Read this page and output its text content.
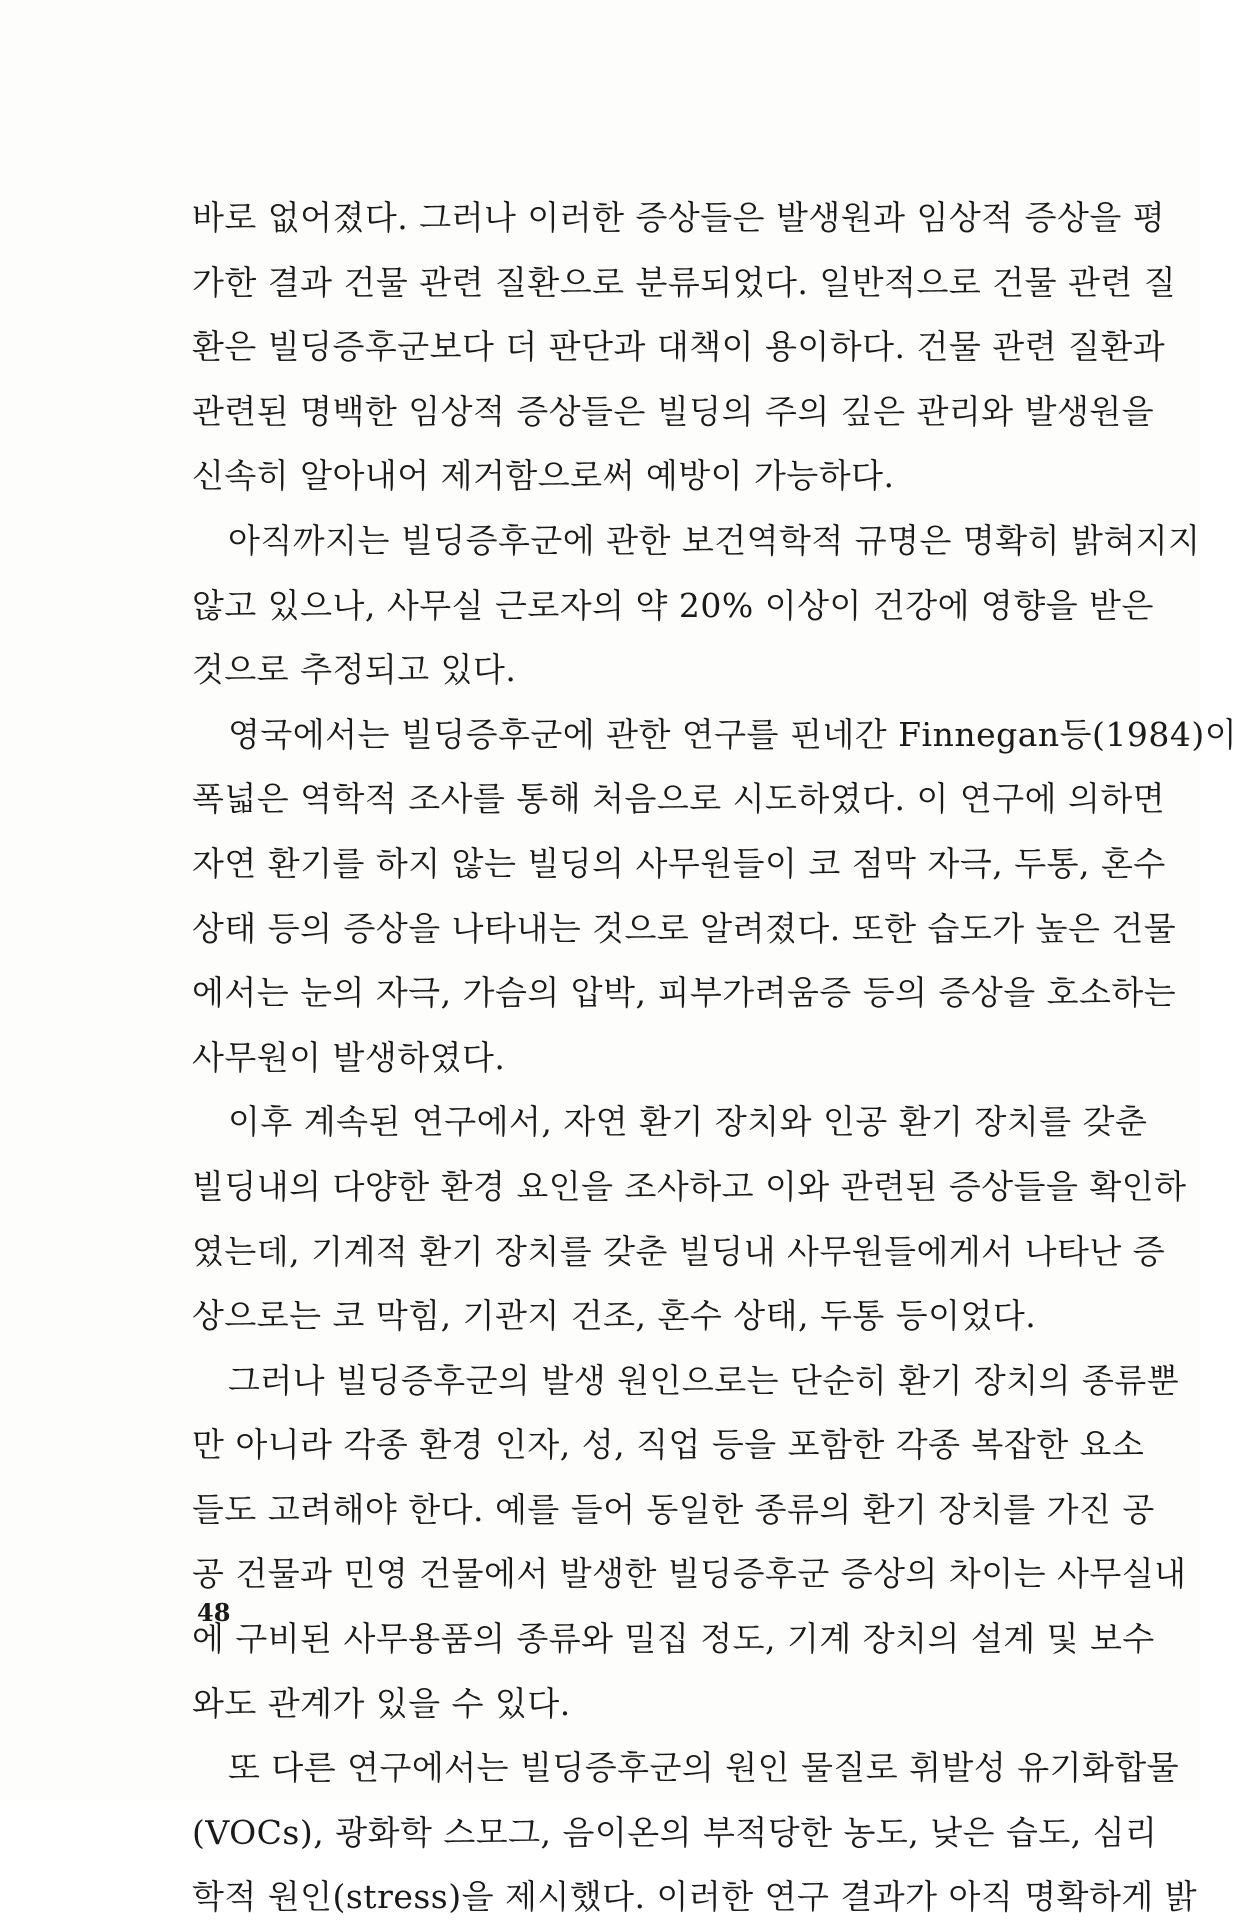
바로 없어졌다. 그러나 이러한 증상들은 발생원과 임상적 증상을 평
가한 결과 건물 관련 질환으로 분류되었다. 일반적으로 건물 관련 질
환은 빌딩증후군보다 더 판단과 대책이 용이하다. 건물 관련 질환과
관련된 명백한 임상적 증상들은 빌딩의 주의 깊은 관리와 발생원을
신속히 알아내어 제거함으로써 예방이 가능하다.
아직까지는 빌딩증후군에 관한 보건역학적 규명은 명확히 밝혀지지
않고 있으나, 사무실 근로자의 약 20% 이상이 건강에 영향을 받은
것으로 추정되고 있다.
영국에서는 빌딩증후군에 관한 연구를 핀네간 Finnegan등(1984)이
폭넓은 역학적 조사를 통해 처음으로 시도하였다. 이 연구에 의하면
자연 환기를 하지 않는 빌딩의 사무원들이 코 점막 자극, 두통, 혼수
상태 등의 증상을 나타내는 것으로 알려졌다. 또한 습도가 높은 건물
에서는 눈의 자극, 가슴의 압박, 피부가려움증 등의 증상을 호소하는
사무원이 발생하였다.
이후 계속된 연구에서, 자연 환기 장치와 인공 환기 장치를 갖춘
빌딩내의 다양한 환경 요인을 조사하고 이와 관련된 증상들을 확인하
였는데, 기계적 환기 장치를 갖춘 빌딩내 사무원들에게서 나타난 증
상으로는 코 막힘, 기관지 건조, 혼수 상태, 두통 등이었다.
그러나 빌딩증후군의 발생 원인으로는 단순히 환기 장치의 종류뿐
만 아니라 각종 환경 인자, 성, 직업 등을 포함한 각종 복잡한 요소
들도 고려해야 한다. 예를 들어 동일한 종류의 환기 장치를 가진 공
공 건물과 민영 건물에서 발생한 빌딩증후군 증상의 차이는 사무실내
에 구비된 사무용품의 종류와 밀집 정도, 기계 장치의 설계 및 보수
와도 관계가 있을 수 있다.
또 다른 연구에서는 빌딩증후군의 원인 물질로 휘발성 유기화합물
(VOCs), 광화학 스모그, 음이온의 부적당한 농도, 낮은 습도, 심리
학적 원인(stress)을 제시했다. 이러한 연구 결과가 아직 명확하게 밝
48
